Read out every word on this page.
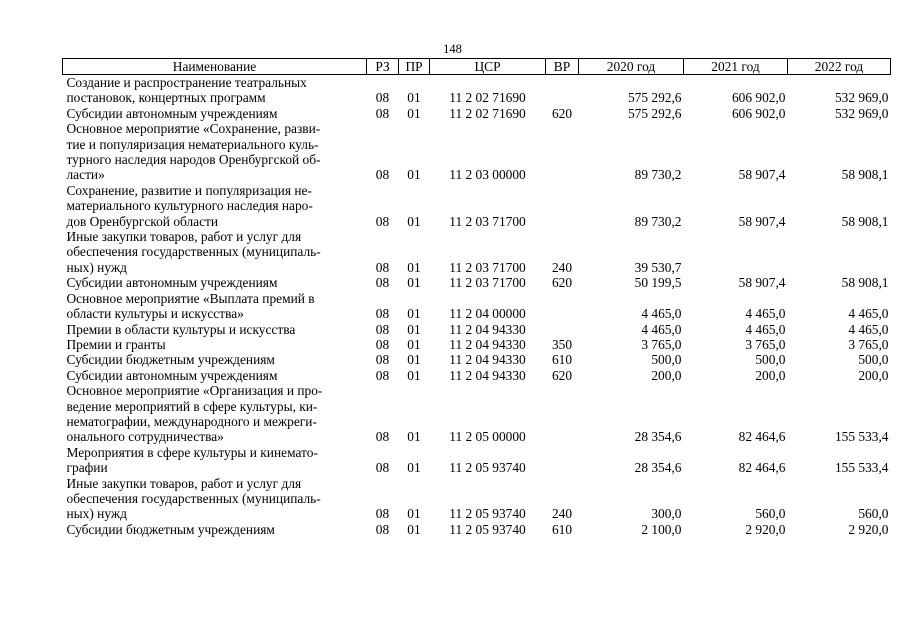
148
Наименование	РЗ	ПР	ЦСР	ВР	2020 год	2021 год	2022 год

Создание и распространение театральных
постановок, концертных программ	08	01	11 2 02 71690		575 292,6	606 902,0	532 969,0

Субсидии автономным учреждениям	08	01	11 2 02 71690	620	575 292,6	606 902,0	532 969,0

Основное мероприятие «Сохранение, разви-
тие и популяризация нематериального куль-
турного наследия народов Оренбургской об-
ласти»	08	01	11 2 03 00000		89 730,2	58 907,4	58 908,1

Сохранение, развитие и популяризация не-
материального культурного наследия наро-
дов Оренбургской области	08	01	11 2 03 71700		89 730,2	58 907,4	58 908,1

Иные закупки товаров, работ и услуг для
обеспечения государственных (муниципаль-
ных) нужд	08	01	11 2 03 71700	240	39 530,7		

Субсидии автономным учреждениям	08	01	11 2 03 71700	620	50 199,5	58 907,4	58 908,1

Основное мероприятие «Выплата премий в
области культуры и искусства»	08	01	11 2 04 00000		4 465,0	4 465,0	4 465,0

Премии в области культуры и искусства	08	01	11 2 04 94330		4 465,0	4 465,0	4 465,0

Премии и гранты	08	01	11 2 04 94330	350	3 765,0	3 765,0	3 765,0

Субсидии бюджетным учреждениям	08	01	11 2 04 94330	610	500,0	500,0	500,0

Субсидии автономным учреждениям	08	01	11 2 04 94330	620	200,0	200,0	200,0

Основное мероприятие «Организация и про-
ведение мероприятий в сфере культуры, ки-
нематографии, международного и межреги-
онального сотрудничества»	08	01	11 2 05 00000		28 354,6	82 464,6	155 533,4

Мероприятия в сфере культуры и кинемато-
графии	08	01	11 2 05 93740		28 354,6	82 464,6	155 533,4

Иные закупки товаров, работ и услуг для
обеспечения государственных (муниципаль-
ных) нужд	08	01	11 2 05 93740	240	300,0	560,0	560,0

Субсидии бюджетным учреждениям	08	01	11 2 05 93740	610	2 100,0	2 920,0	2 920,0
